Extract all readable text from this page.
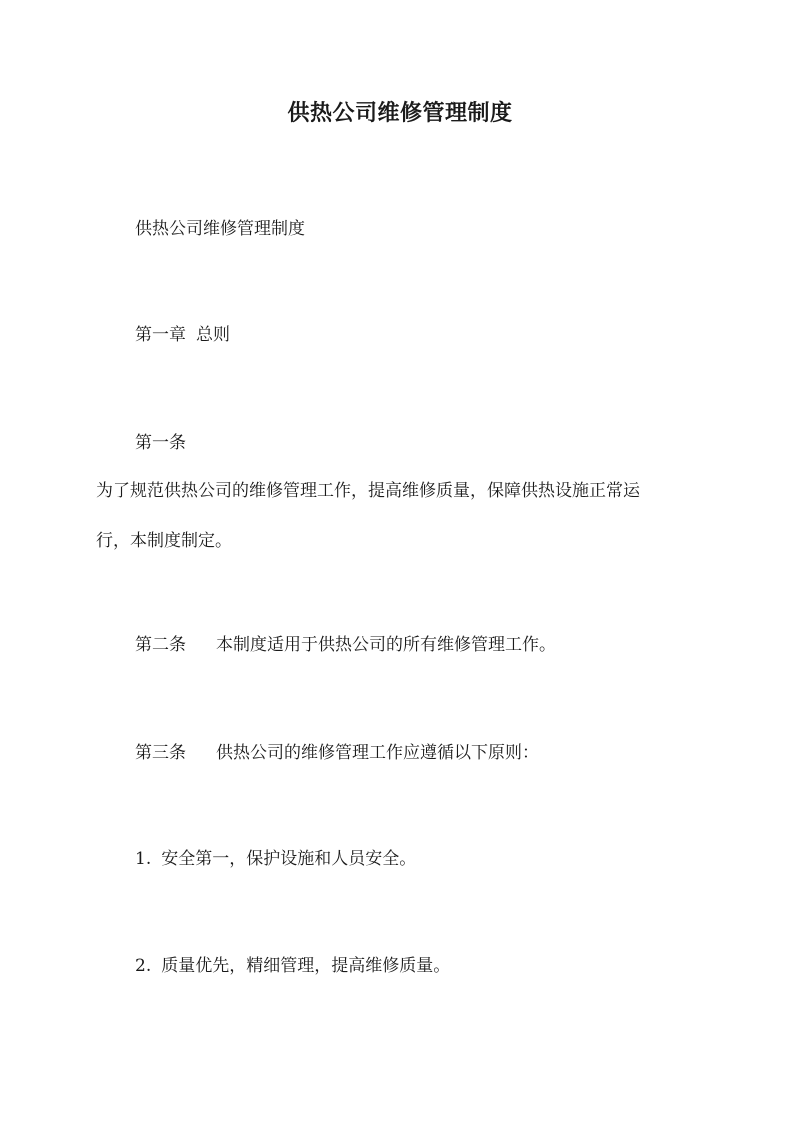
供热公司维修管理制度
供热公司维修管理制度
第一章 总则
第一条
为了规范供热公司的维修管理工作，提高维修质量，保障供热设施正常运
行，本制度制定。
第二条 本制度适用于供热公司的所有维修管理工作。
第三条 供热公司的维修管理工作应遵循以下原则：
1. 安全第一，保护设施和人员安全。
2. 质量优先，精细管理，提高维修质量。
